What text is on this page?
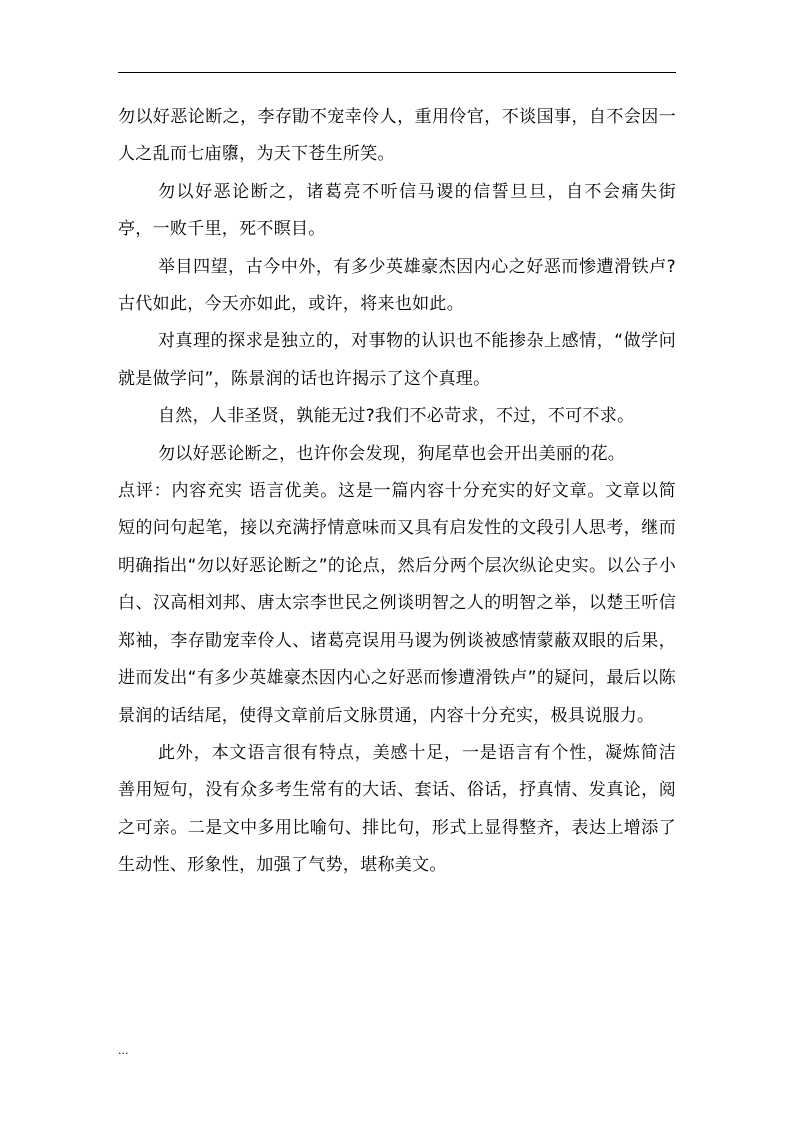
勿以好恶论断之，李存勖不宠幸伶人，重用伶官，不谈国事，自不会因一人之乱而七庙隳，为天下苍生所笑。

勿以好恶论断之，诸葛亮不听信马谡的信誓旦旦，自不会痛失街亭，一败千里，死不瞑目。

举目四望，古今中外，有多少英雄豪杰因内心之好恶而惨遭滑铁卢?古代如此，今天亦如此，或许，将来也如此。

对真理的探求是独立的，对事物的认识也不能掺杂上感情，“做学问就是做学问”，陈景润的话也许揭示了这个真理。

自然，人非圣贤，孰能无过?我们不必苛求，不过，不可不求。

勿以好恶论断之，也许你会发现，狗尾草也会开出美丽的花。

点评：内容充实 语言优美。这是一篇内容十分充实的好文章。文章以简短的问句起笔，接以充满抒情意味而又具有启发性的文段引人思考，继而明确指出“勿以好恶论断之”的论点，然后分两个层次纵论史实。以公子小白、汉高相刘邦、唐太宗李世民之例谈明智之人的明智之举，以楚王听信郑袖，李存勖宠幸伶人、诸葛亮误用马谡为例谈被感情蒙蔽双眼的后果，进而发出“有多少英雄豪杰因内心之好恶而惨遭滑铁卢”的疑问，最后以陈景润的话结尾，使得文章前后文脉贯通，内容十分充实，极具说服力。

此外，本文语言很有特点，美感十足，一是语言有个性，凝炼简洁善用短句，没有众多考生常有的大话、套话、俗话，抒真情、发真论，阅之可亲。二是文中多用比喻句、排比句，形式上显得整齐，表达上增添了生动性、形象性，加强了气势，堪称美文。

...
